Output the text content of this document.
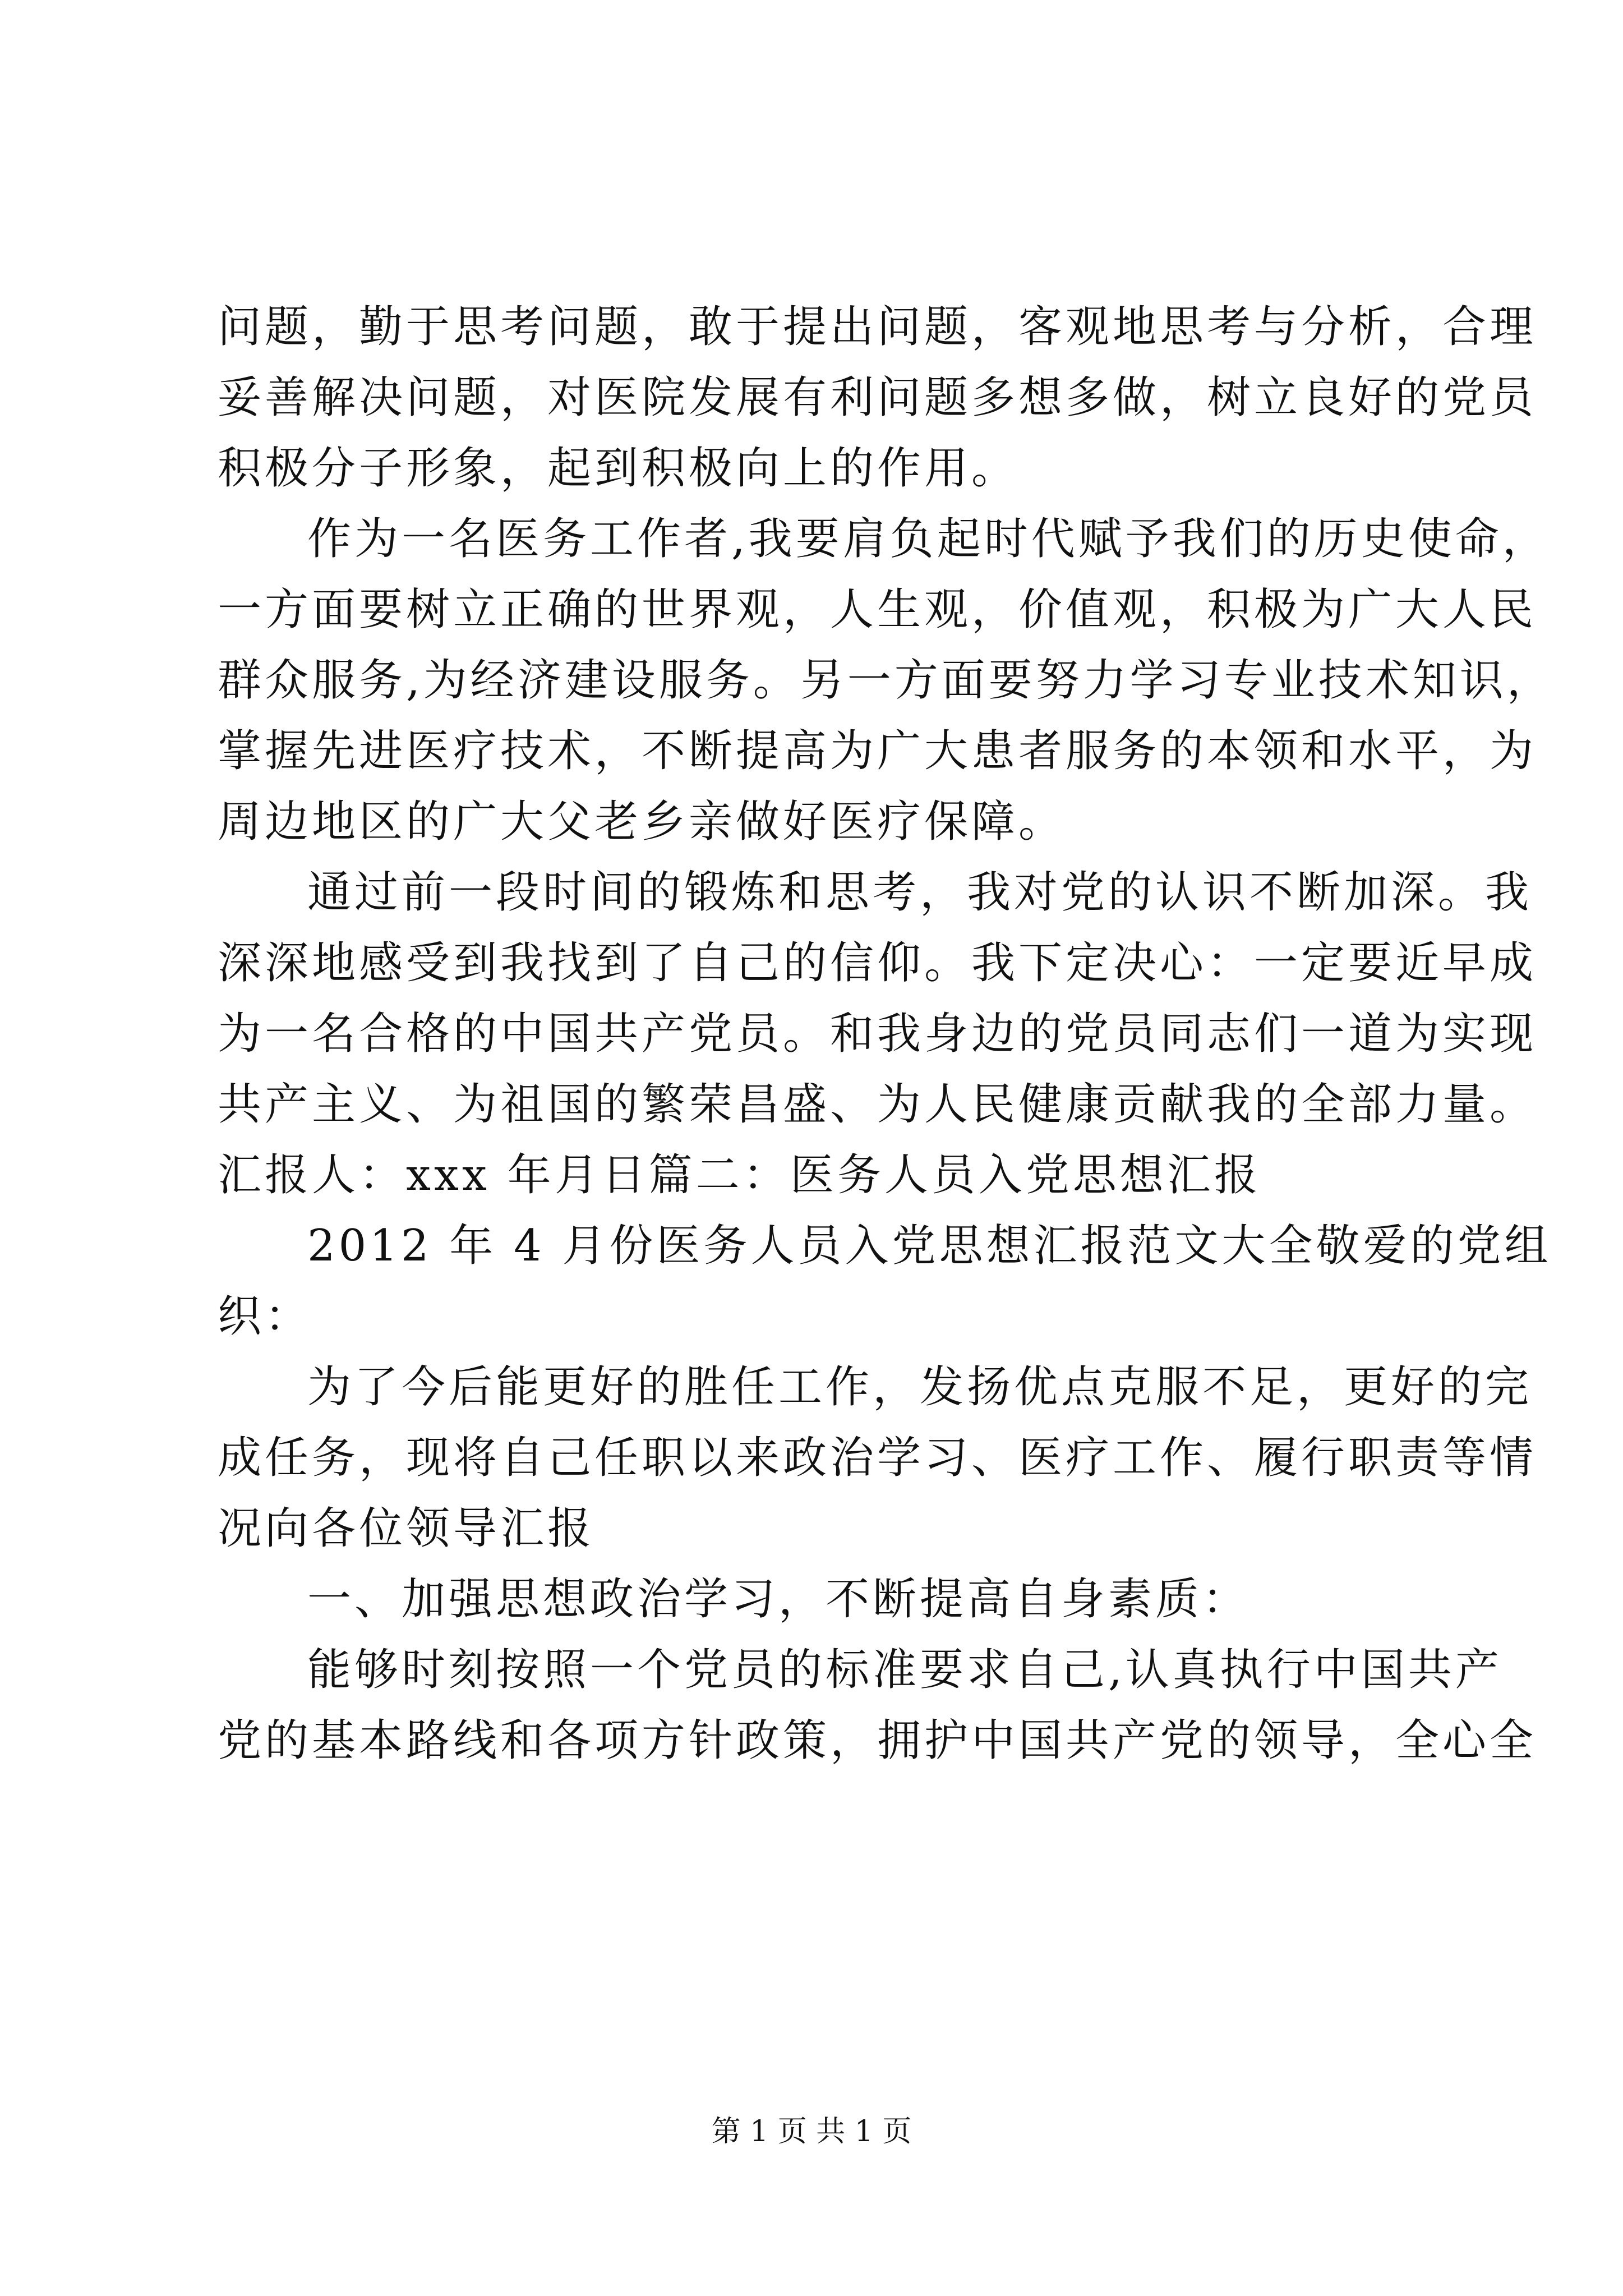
问题，勤于思考问题，敢于提出问题，客观地思考与分析，合理
妥善解决问题，对医院发展有利问题多想多做，树立良好的党员
积极分子形象，起到积极向上的作用。
作为一名医务工作者,我要肩负起时代赋予我们的历史使命，
一方面要树立正确的世界观，人生观，价值观，积极为广大人民
群众服务,为经济建设服务。另一方面要努力学习专业技术知识，
掌握先进医疗技术，不断提高为广大患者服务的本领和水平，为
周边地区的广大父老乡亲做好医疗保障。
通过前一段时间的锻炼和思考，我对党的认识不断加深。我
深深地感受到我找到了自己的信仰。我下定决心：一定要近早成
为一名合格的中国共产党员。和我身边的党员同志们一道为实现
共产主义、为祖国的繁荣昌盛、为人民健康贡献我的全部力量。
汇报人：xxx 年月日篇二：医务人员入党思想汇报
2012 年 4 月份医务人员入党思想汇报范文大全敬爱的党组
织：
为了今后能更好的胜任工作，发扬优点克服不足，更好的完
成任务，现将自己任职以来政治学习、医疗工作、履行职责等情
况向各位领导汇报
一、加强思想政治学习，不断提高自身素质：
能够时刻按照一个党员的标准要求自己,认真执行中国共产
党的基本路线和各项方针政策，拥护中国共产党的领导，全心全
第 1 页 共 1 页
